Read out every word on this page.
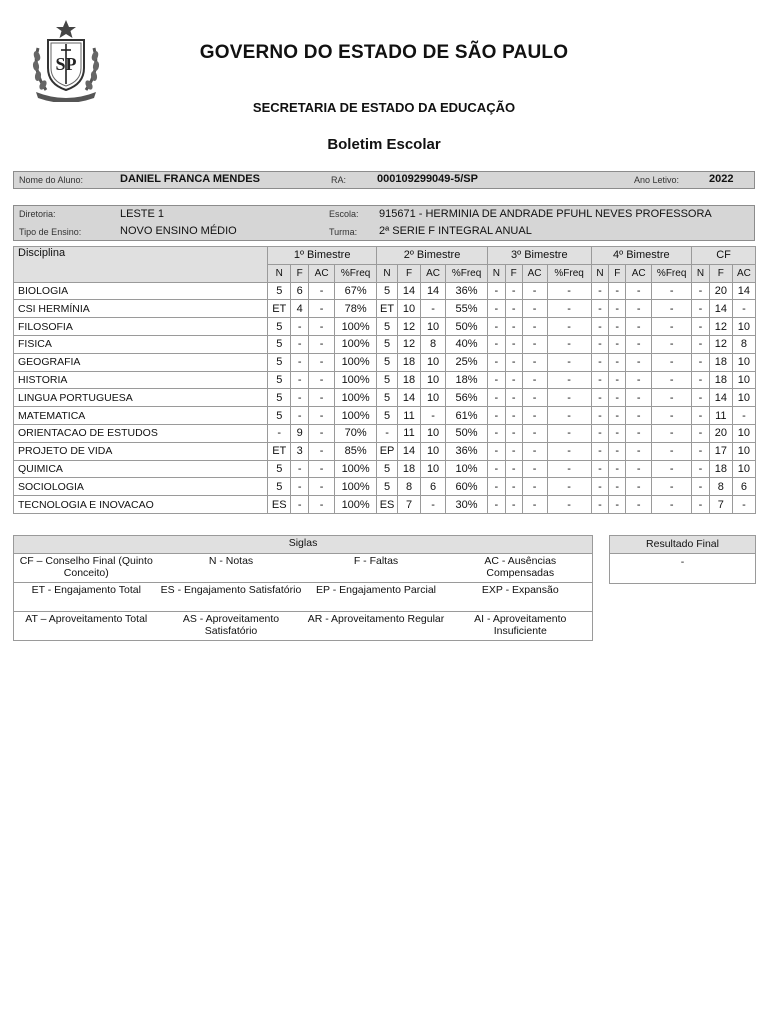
SP
GOVERNO DO ESTADO DE SÃO PAULO
SECRETARIA DE ESTADO DA EDUCAÇÃO
Boletim Escolar
Nome do Aluno:	DANIEL FRANCA MENDES	RA:	000109299049-5/SP	Ano Letivo:	2022
Diretoria:	LESTE 1	Escola: 915671 - HERMINIA DE ANDRADE PFUHL NEVES PROFESSORA
Tipo de Ensino:	NOVO ENSINO MÉDIO	Turma: 2ª SERIE F INTEGRAL ANUAL
Disciplina	1º Bimestre				2º Bimestre				3º Bimestre				4º Bimestre				CF		
	N	F	AC	%Freq	N	F	AC	%Freq	N	F	AC	%Freq	N	F	AC	%Freq	N	F	AC
BIOLOGIA	5	6	-	67%	5	14	14	36%	-	-	-	-	-	-	-	-	-	20	14
CSI HERMÍNIA	ET	4	-	78%	ET	10	-	55%	-	-	-	-	-	-	-	-	-	14	-
FILOSOFIA	5	-	-	100%	5	12	10	50%	-	-	-	-	-	-	-	-	-	12	10
FISICA	5	-	-	100%	5	12	8	40%	-	-	-	-	-	-	-	-	-	12	8
GEOGRAFIA	5	-	-	100%	5	18	10	25%	-	-	-	-	-	-	-	-	-	18	10
HISTORIA	5	-	-	100%	5	18	10	18%	-	-	-	-	-	-	-	-	-	18	10
LINGUA PORTUGUESA	5	-	-	100%	5	14	10	56%	-	-	-	-	-	-	-	-	-	14	10
MATEMATICA	5	-	-	100%	5	11	-	61%	-	-	-	-	-	-	-	-	-	11	-
ORIENTACAO DE ESTUDOS	-	9	-	70%	-	11	10	50%	-	-	-	-	-	-	-	-	-	20	10
PROJETO DE VIDA	ET	3	-	85%	EP	14	10	36%	-	-	-	-	-	-	-	-	-	17	10
QUIMICA	5	-	-	100%	5	18	10	10%	-	-	-	-	-	-	-	-	-	18	10
SOCIOLOGIA	5	-	-	100%	5	8	6	60%	-	-	-	-	-	-	-	-	-	8	6
TECNOLOGIA E INOVACAO	ES	-	-	100%	ES	7	-	30%	-	-	-	-	-	-	-	-	-	7	-
Siglas			
CF – Conselho Final (Quinto Conceito)	N - Notas	F - Faltas	AC - Ausências Compensadas
ET - Engajamento Total	ES - Engajamento Satisfatório	EP - Engajamento Parcial	EXP - Expansão
AT – Aproveitamento Total	AS - Aproveitamento Satisfatório	AR - Aproveitamento Regular	AI - Aproveitamento Insuficiente
Resultado Final
-
